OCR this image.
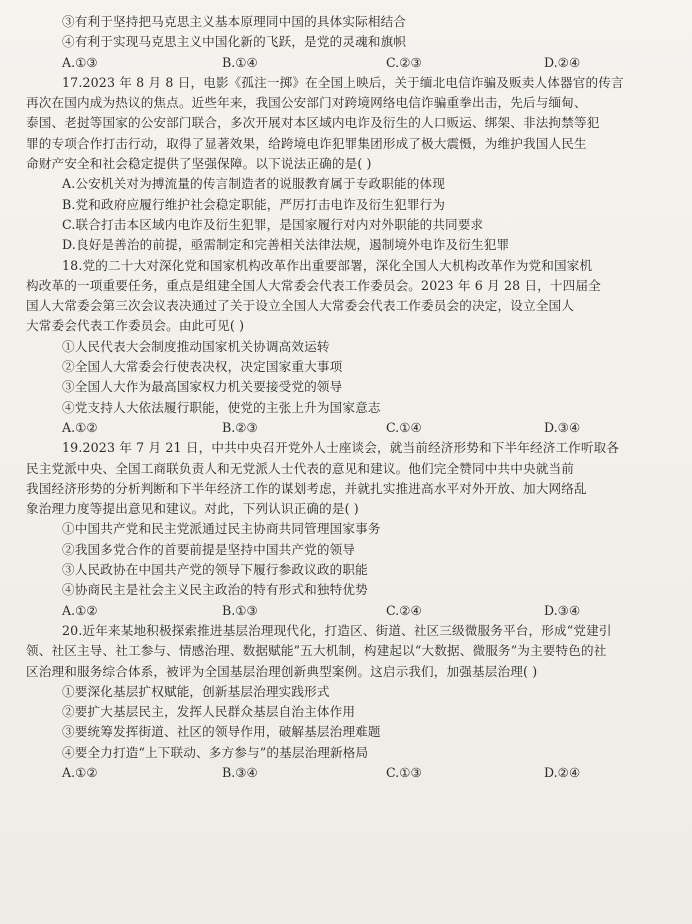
③有利于坚持把马克思主义基本原理同中国的具体实际相结合
④有利于实现马克思主义中国化新的飞跃，是党的灵魂和旗帜
A.①③	B.①④	C.②③	D.②④
17.2023 年 8 月 8 日，电影《孤注一掷》在全国上映后，关于缅北电信诈骗及贩卖人体器官的传言
再次在国内成为热议的焦点。近些年来，我国公安部门对跨境网络电信诈骗重拳出击，先后与缅甸、
泰国、老挝等国家的公安部门联合，多次开展对本区域内电诈及衍生的人口贩运、绑架、非法拘禁等犯
罪的专项合作打击行动，取得了显著效果，给跨境电诈犯罪集团形成了极大震慑，为维护我国人民生
命财产安全和社会稳定提供了坚强保障。以下说法正确的是( )
A.公安机关对为搏流量的传言制造者的说服教育属于专政职能的体现
B.党和政府应履行维护社会稳定职能，严厉打击电诈及衍生犯罪行为
C.联合打击本区域内电诈及衍生犯罪，是国家履行对内对外职能的共同要求
D.良好是善治的前提，亟需制定和完善相关法律法规，遏制境外电诈及衍生犯罪
18.党的二十大对深化党和国家机构改革作出重要部署，深化全国人大机构改革作为党和国家机
构改革的一项重要任务，重点是组建全国人大常委会代表工作委员会。2023 年 6 月 28 日，十四届全
国人大常委会第三次会议表决通过了关于设立全国人大常委会代表工作委员会的决定，设立全国人
大常委会代表工作委员会。由此可见( )
①人民代表大会制度推动国家机关协调高效运转
②全国人大常委会行使表决权，决定国家重大事项
③全国人大作为最高国家权力机关要接受党的领导
④党支持人大依法履行职能，使党的主张上升为国家意志
A.①②	B.②③	C.①④	D.③④
19.2023 年 7 月 21 日，中共中央召开党外人士座谈会，就当前经济形势和下半年经济工作听取各
民主党派中央、全国工商联负责人和无党派人士代表的意见和建议。他们完全赞同中共中央就当前
我国经济形势的分析判断和下半年经济工作的谋划考虑，并就扎实推进高水平对外开放、加大网络乱
象治理力度等提出意见和建议。对此，下列认识正确的是( )
①中国共产党和民主党派通过民主协商共同管理国家事务
②我国多党合作的首要前提是坚持中国共产党的领导
③人民政协在中国共产党的领导下履行参政议政的职能
④协商民主是社会主义民主政治的特有形式和独特优势
A.①②	B.①③	C.②④	D.③④
20.近年来某地积极探索推进基层治理现代化，打造区、街道、社区三级微服务平台，形成“党建引
领、社区主导、社工参与、情感治理、数据赋能”五大机制，构建起以“大数据、微服务”为主要特色的社
区治理和服务综合体系，被评为全国基层治理创新典型案例。这启示我们，加强基层治理( )
①要深化基层扩权赋能，创新基层治理实践形式
②要扩大基层民主，发挥人民群众基层自治主体作用
③要统筹发挥街道、社区的领导作用，破解基层治理难题
④要全力打造“上下联动、多方参与”的基层治理新格局
A.①②	B.③④	C.①③	D.②④
